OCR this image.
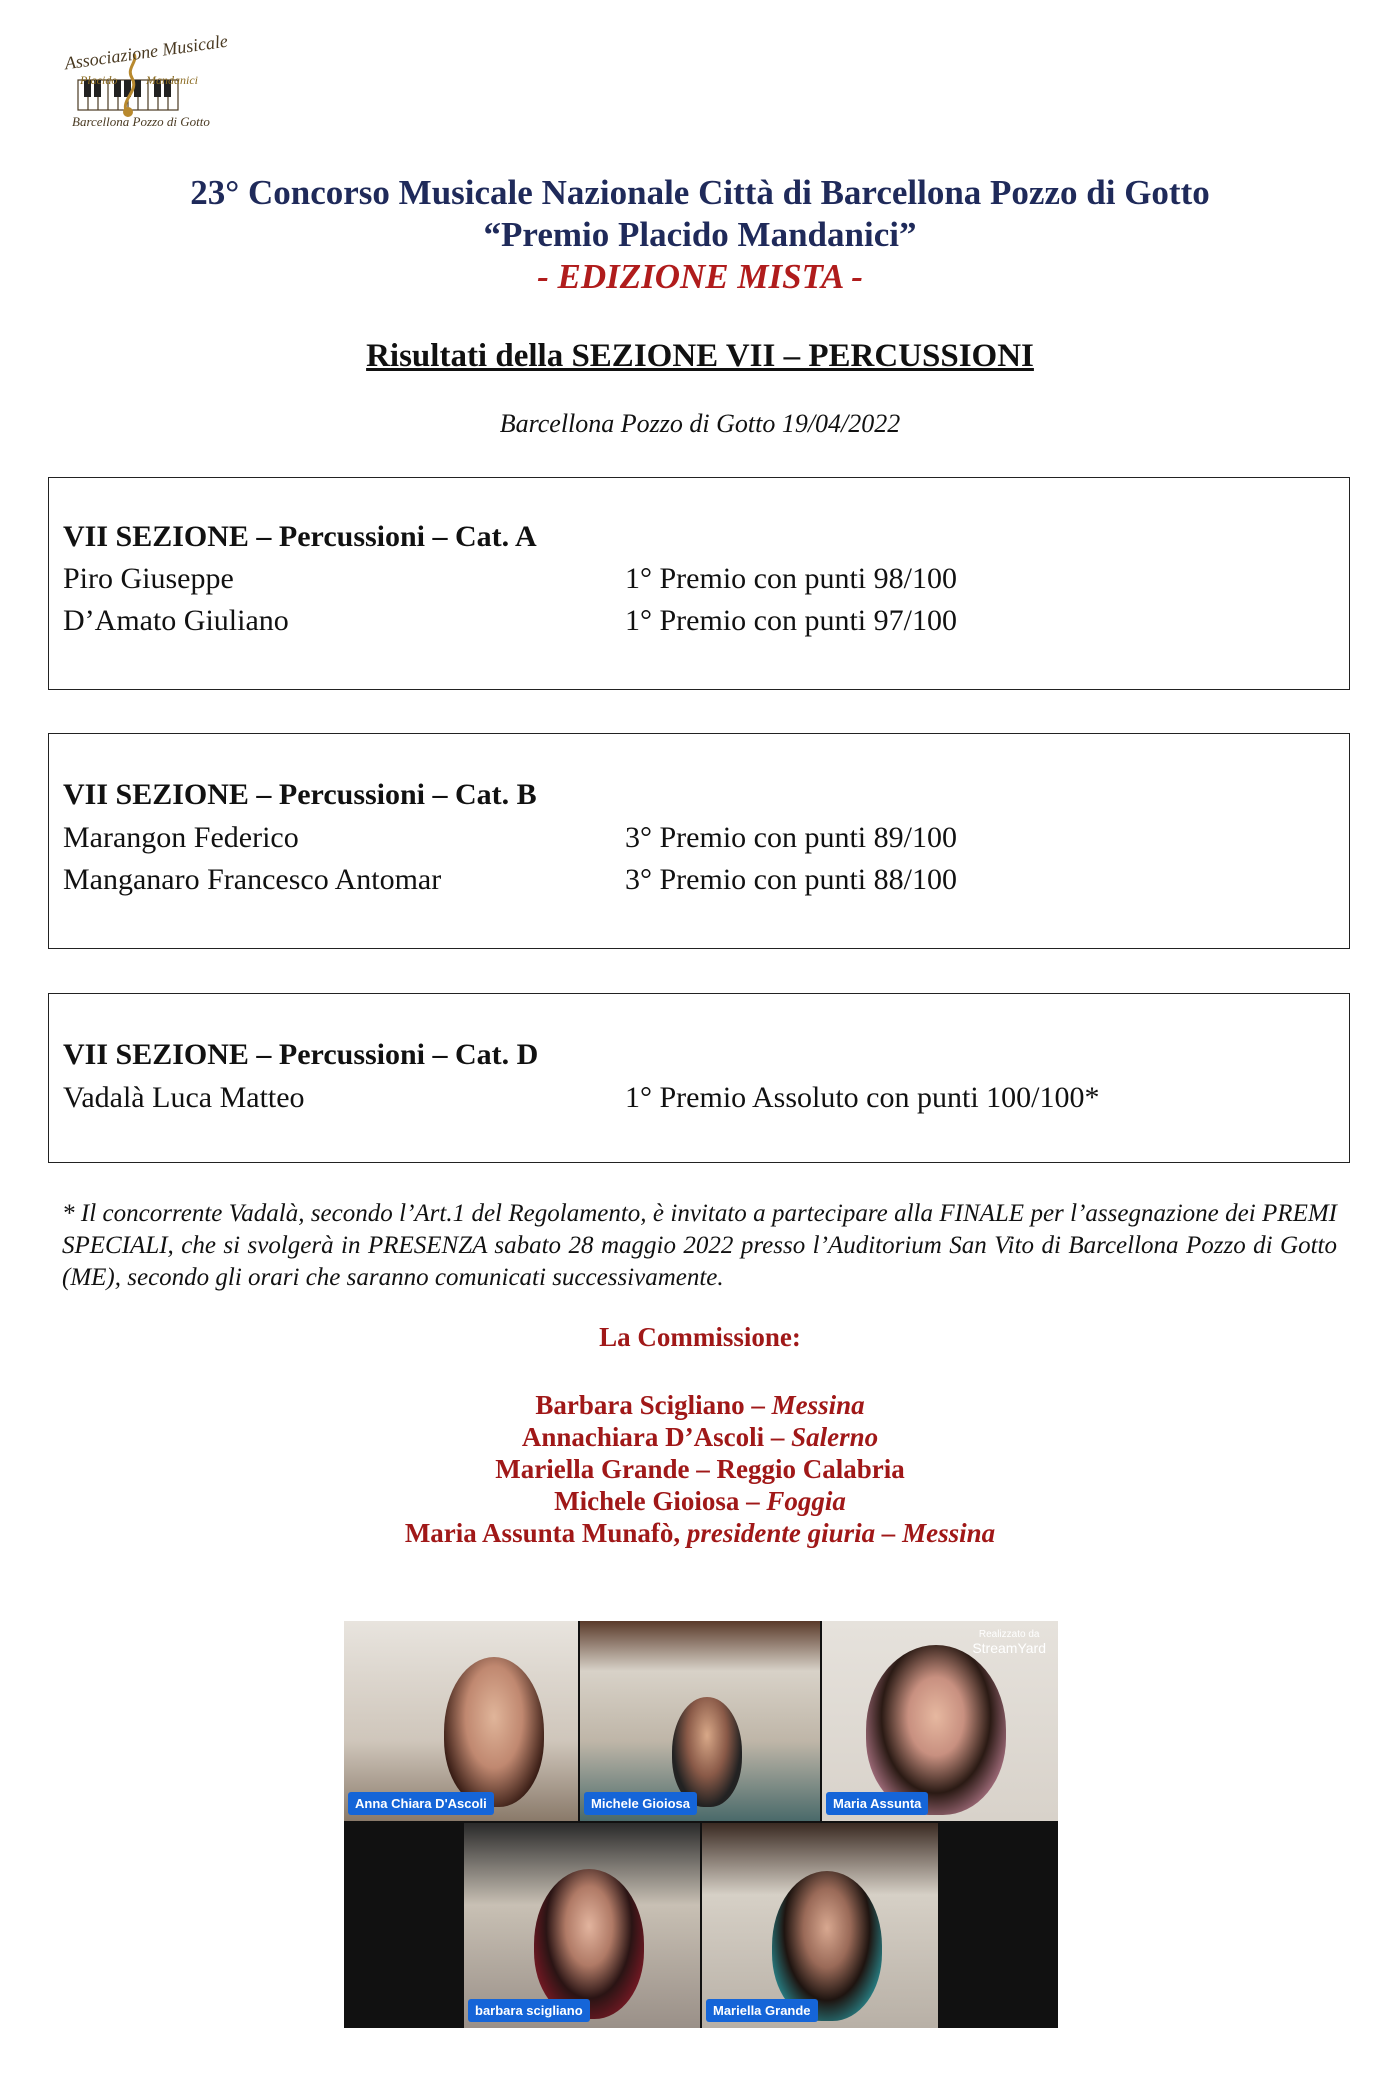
Associazione Musicale
Placido Mandanici
Barcellona Pozzo di Gotto
23° Concorso Musicale Nazionale Città di Barcellona Pozzo di Gotto
“Premio Placido Mandanici”
- EDIZIONE MISTA -
Risultati della SEZIONE VII – PERCUSSIONI
Barcellona Pozzo di Gotto 19/04/2022
VII SEZIONE – Percussioni – Cat. A
Piro Giuseppe	1° Premio con punti 98/100
D’Amato Giuliano	1° Premio con punti 97/100
VII SEZIONE – Percussioni – Cat. B
Marangon Federico	3° Premio con punti 89/100
Manganaro Francesco Antomar	3° Premio con punti 88/100
VII SEZIONE – Percussioni – Cat. D
Vadalà Luca Matteo	1° Premio Assoluto con punti 100/100*
* Il concorrente Vadalà, secondo l’Art.1 del Regolamento, è invitato a partecipare alla FINALE per l’assegnazione dei PREMI SPECIALI, che si svolgerà in PRESENZA sabato 28 maggio 2022 presso l’Auditorium San Vito di Barcellona Pozzo di Gotto (ME), secondo gli orari che saranno comunicati successivamente.
La Commissione:
Barbara Scigliano – Messina
Annachiara D’Ascoli – Salerno
Mariella Grande – Reggio Calabria
Michele Gioiosa – Foggia
Maria Assunta Munafò, presidente giuria – Messina
Anna Chiara D'Ascoli	Michele Gioiosa
Realizzato da
StreamYard
Maria Assunta
barbara scigliano	Mariella Grande
